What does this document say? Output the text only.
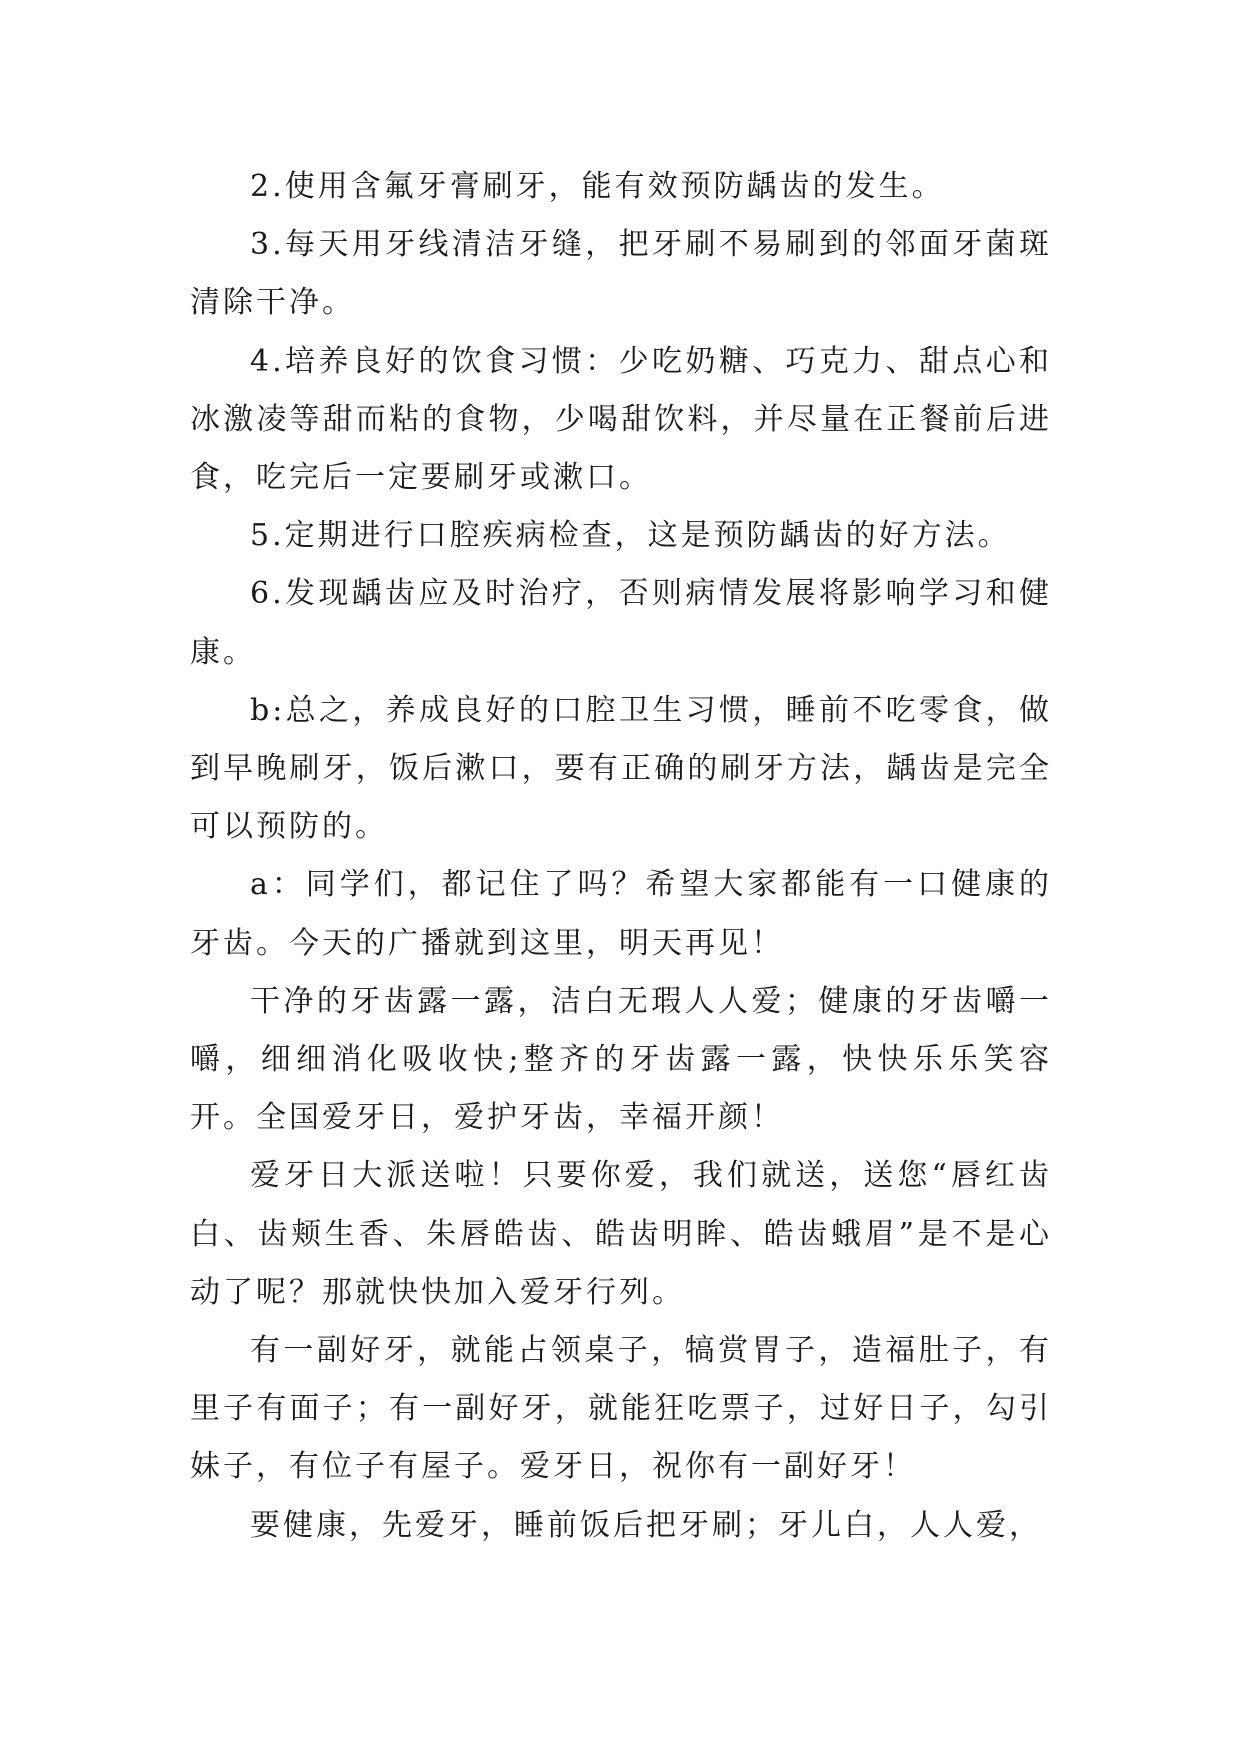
2.使用含氟牙膏刷牙，能有效预防龋齿的发生。

3.每天用牙线清洁牙缝，把牙刷不易刷到的邻面牙菌斑清除干净。

4.培养良好的饮食习惯：少吃奶糖、巧克力、甜点心和冰激凌等甜而粘的食物，少喝甜饮料，并尽量在正餐前后进食，吃完后一定要刷牙或漱口。

5.定期进行口腔疾病检查，这是预防龋齿的好方法。

6.发现龋齿应及时治疗，否则病情发展将影响学习和健康。

b:总之，养成良好的口腔卫生习惯，睡前不吃零食，做到早晚刷牙，饭后漱口，要有正确的刷牙方法，龋齿是完全可以预防的。

a：同学们，都记住了吗？希望大家都能有一口健康的牙齿。今天的广播就到这里，明天再见！

干净的牙齿露一露，洁白无瑕人人爱；健康的牙齿嚼一嚼，细细消化吸收快;整齐的牙齿露一露，快快乐乐笑容开。全国爱牙日，爱护牙齿，幸福开颜！

爱牙日大派送啦！只要你爱，我们就送，送您“唇红齿白、齿颊生香、朱唇皓齿、皓齿明眸、皓齿蛾眉”是不是心动了呢？那就快快加入爱牙行列。

有一副好牙，就能占领桌子，犒赏胃子，造福肚子，有里子有面子；有一副好牙，就能狂吃票子，过好日子，勾引妹子，有位子有屋子。爱牙日，祝你有一副好牙！

要健康，先爱牙，睡前饭后把牙刷；牙儿白，人人爱，
